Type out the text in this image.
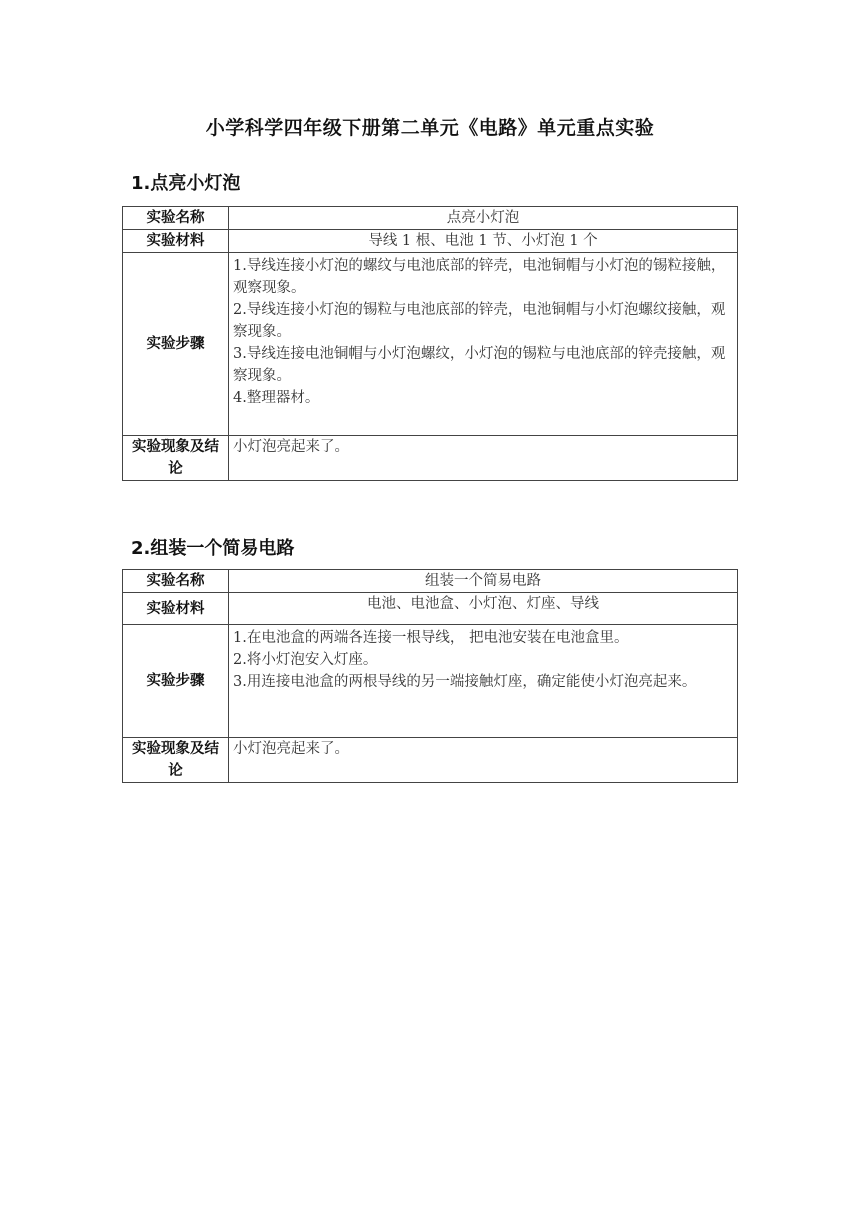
小学科学四年级下册第二单元《电路》单元重点实验
1.点亮小灯泡
实验名称	点亮小灯泡
实验材料	导线 1 根、电池 1 节、小灯泡 1 个
实验步骤	1.导线连接小灯泡的螺纹与电池底部的锌壳，电池铜帽与小灯泡的锡粒接触，观察现象。
2.导线连接小灯泡的锡粒与电池底部的锌壳，电池铜帽与小灯泡螺纹接触，观察现象。
3.导线连接电池铜帽与小灯泡螺纹，小灯泡的锡粒与电池底部的锌壳接触，观察现象。
4.整理器材。

实验现象及结论	小灯泡亮起来了。
2.组装一个简易电路
实验名称	组装一个简易电路
实验材料	电池、电池盒、小灯泡、灯座、导线
实验步骤	1.在电池盒的两端各连接一根导线， 把电池安装在电池盒里。
2.将小灯泡安入灯座。
3.用连接电池盒的两根导线的另一端接触灯座，确定能使小灯泡亮起来。

实验现象及结论	小灯泡亮起来了。
